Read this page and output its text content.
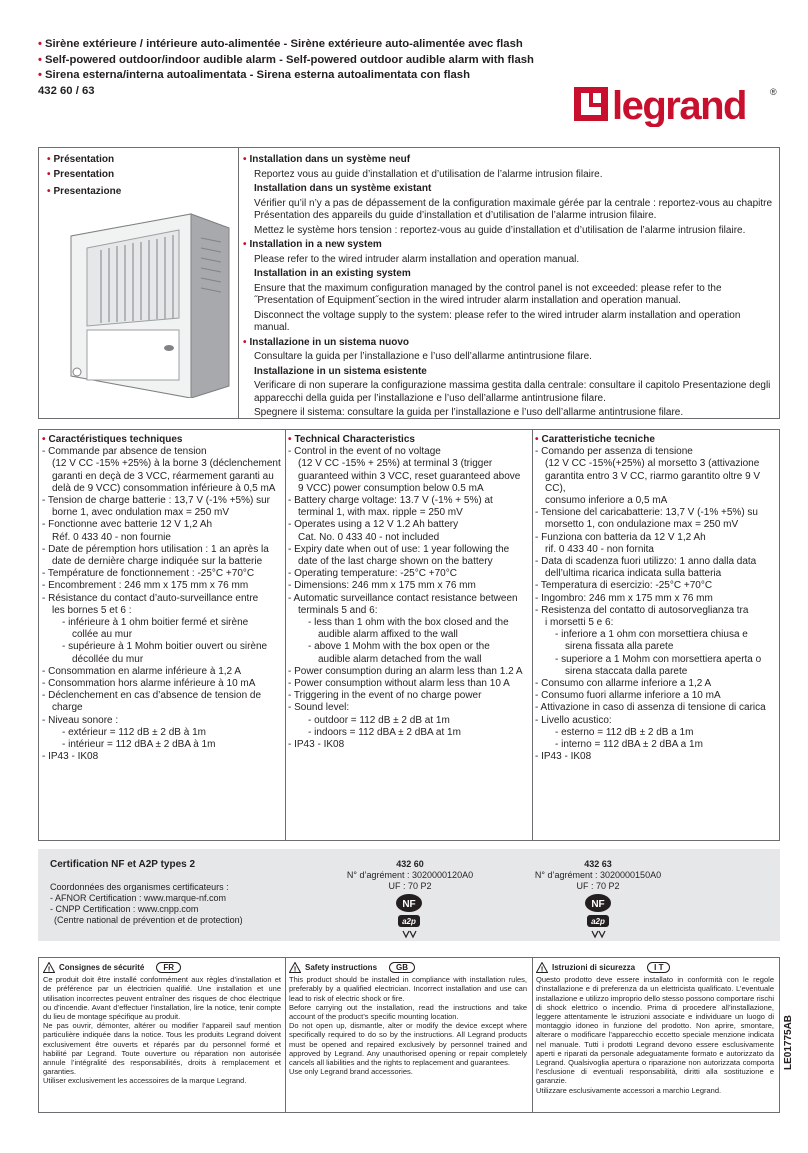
• Sirène extérieure / intérieure auto-alimentée - Sirène extérieure auto-alimentée avec flash
• Self-powered outdoor/indoor audible alarm - Self-powered outdoor audible alarm with flash
• Sirena esterna/interna autoalimentata - Sirena esterna autoalimentata con flash
432 60 / 63	legrand	®
• Présentation
• Presentation
• Presentazione

• Installation dans un système neuf

Reportez vous au guide d’installation et d’utilisation de l’alarme intrusion filaire.

Installation dans un système existant

Vérifier qu’il n’y a pas de dépassement de la configuration maximale gérée par la centrale : reportez-vous au chapitre Présentation des appareils du guide d’installation et d’utilisation de l’alarme intrusion filaire.

Mettez le système hors tension : reportez-vous au guide d’installation et d’utilisation de l’alarme intrusion filaire.

• Installation in a new system

Please refer to the wired intruder alarm installation and operation manual.

Installation in an existing system

Ensure that the maximum configuration managed by the control panel is not exceeded: please refer to the ˝Presentation of Equipment˝section in the wired intruder alarm installation and operation manual.

Disconnect the voltage supply to the system: please refer to the wired intruder alarm installation and operation manual.

• Installazione in un sistema nuovo

Consultare la guida per l’installazione e l’uso dell’allarme antintrusione filare.

Installazione in un sistema esistente

Verificare di non superare la configurazione massima gestita dalla centrale: consultare il capitolo Presentazione degli apparecchi della guida per l’installazione e l’uso dell’allarme antintrusione filare.

Spegnere il sistema: consultare la guida per l’installazione e l’uso dell’allarme antintrusione filare.

• Caractéristiques techniques
- Commande par absence de tension
(12 V CC -15% +25%) à la borne 3 (déclenchement
garanti en deçà de 3 VCC, réarmement garanti au
delà de 9 VCC) consommation inférieure à 0,5 mA
- Tension de charge batterie : 13,7 V (-1% +5%) sur
borne 1, avec ondulation max = 250 mV
- Fonctionne avec batterie 12 V 1,2 Ah
Réf. 0 433 40 - non fournie
- Date de péremption hors utilisation : 1 an après la
date de dernière charge indiquée sur la batterie
- Température de fonctionnement : -25°C +70°C
- Encombrement : 246 mm x 175 mm x 76 mm
- Résistance du contact d’auto-surveillance entre
les bornes 5 et 6 :
- inférieure à 1 ohm boitier fermé et sirène
collée au mur
- supérieure à 1 Mohm boitier ouvert ou sirène
décollée du mur
- Consommation en alarme inférieure à 1,2 A
- Consommation hors alarme inférieure à 10 mA
- Déclenchement en cas d’absence de tension de
charge
- Niveau sonore :
- extérieur = 112 dB ± 2 dB à 1m
- intérieur = 112 dBA ± 2 dBA à 1m
- IP43 - IK08
• Technical Characteristics
- Control in the event of no voltage
(12 V CC -15% + 25%) at terminal 3 (trigger
guaranteed within 3 VCC, reset guaranteed above
9 VCC) power consumption below 0.5 mA
- Battery charge voltage: 13.7 V (-1% + 5%) at
terminal 1, with max. ripple = 250 mV
- Operates using a 12 V 1.2 Ah battery
Cat. No. 0 433 40 - not included
- Expiry date when out of use: 1 year following the
date of the last charge shown on the battery
- Operating temperature: -25°C +70°C
- Dimensions: 246 mm x 175 mm x 76 mm
- Automatic surveillance contact resistance between
terminals 5 and 6:
- less than 1 ohm with the box closed and the
audible alarm affixed to the wall
- above 1 Mohm with the box open or the
audible alarm detached from the wall
- Power consumption during an alarm less than 1.2 A
- Power consumption without alarm less than 10 A
- Triggering in the event of no charge power
- Sound level:
- outdoor = 112 dB ± 2 dB at 1m
- indoors = 112 dBA ± 2 dBA at 1m
- IP43 - IK08
• Caratteristiche tecniche
- Comando per assenza di tensione
(12 V CC -15%(+25%) al morsetto 3 (attivazione
garantita entro 3 V CC, riarmo garantito oltre 9 V CC),
consumo inferiore a 0,5 mA
- Tensione del caricabatterie: 13,7 V (-1% +5%) su
morsetto 1, con ondulazione max = 250 mV
- Funziona con batteria da 12 V 1,2 Ah
rif. 0 433 40 - non fornita
- Data di scadenza fuori utilizzo: 1 anno dalla data
dell’ultima ricarica indicata sulla batteria
- Temperatura di esercizio: -25°C +70°C
- Ingombro: 246 mm x 175 mm x 76 mm
- Resistenza del contatto di autosorveglianza tra
i morsetti 5 e 6:
- inferiore a 1 ohm con morsettiera chiusa e
sirena fissata alla parete
- superiore a 1 Mohm con morsettiera aperta o
sirena staccata dalla parete
- Consumo con allarme inferiore a 1,2 A
- Consumo fuori allarme inferiore a 10 mA
- Attivazione in caso di assenza di tensione di carica
- Livello acustico:
- esterno = 112 dB ± 2 dB a 1m
- interno = 112 dBA ± 2 dBA a 1m
- IP43 - IK08
Certification NF et A2P types 2
Coordonnées des organismes certificateurs :
- AFNOR Certification : www.marque-nf.com
- CNPP Certification : www.cnpp.com
(Centre national de prévention et de protection)
432 60
N° d’agrément : 3020000120A0
UF : 70 P2
NF
a2p
432 63
N° d’agrément : 3020000150A0
UF : 70 P2
NF
a2p
! Consignes de sécurité	FR
Ce produit doit être installé conformément aux règles d’installation et de préférence par un électricien qualifié. Une installation et une utilisation incorrectes peuvent entraîner des risques de choc électrique ou d’incendie. Avant d’effectuer l’installation, lire la notice, tenir compte du lieu de montage spécifique au produit.
Ne pas ouvrir, démonter, altérer ou modifier l’appareil sauf mention particulière indiquée dans la notice. Tous les produits Legrand doivent exclusivement être ouverts et réparés par du personnel formé et habilité par Legrand. Toute ouverture ou réparation non autorisée annule l’intégralité des responsabilités, droits à remplacement et garanties.
Utiliser exclusivement les accessoires de la marque Legrand.
! Safety instructions	GB
This product should be installed in compliance with installation rules, preferably by a qualified electrician. Incorrect installation and use can lead to risk of electric shock or fire.
Before carrying out the installation, read the instructions and take account of the product’s specific mounting location.
Do not open up, dismantle, alter or modify the device except where specifically required to do so by the instructions. All Legrand products must be opened and repaired exclusively by personnel trained and approved by Legrand. Any unauthorised opening or repair completely cancels all liabilities and the rights to replacement and guarantees.
Use only Legrand brand accessories.
! Istruzioni di sicurezza	I T
Questo prodotto deve essere installato in conformità con le regole d’installazione e di preferenza da un elettricista qualificato. L’eventuale installazione e utilizzo improprio dello stesso possono comportare rischi di shock elettrico o incendio. Prima di procedere all’installazione, leggere attentamente le istruzioni associate e individuare un luogo di montaggio idoneo in funzione del prodotto. Non aprire, smontare, alterare o modificare l’apparecchio eccetto speciale menzione indicata nel manuale. Tutti i prodotti Legrand devono essere esclusivamente aperti e riparati da personale adeguatamente formato e autorizzato da Legrand. Qualsivoglia apertura o riparazione non autorizzata comporta l’esclusione di eventuali responsabilità, diritti alla sostituzione e garanzie.
Utilizzare esclusivamente accessori a marchio Legrand.
LE01775AB
